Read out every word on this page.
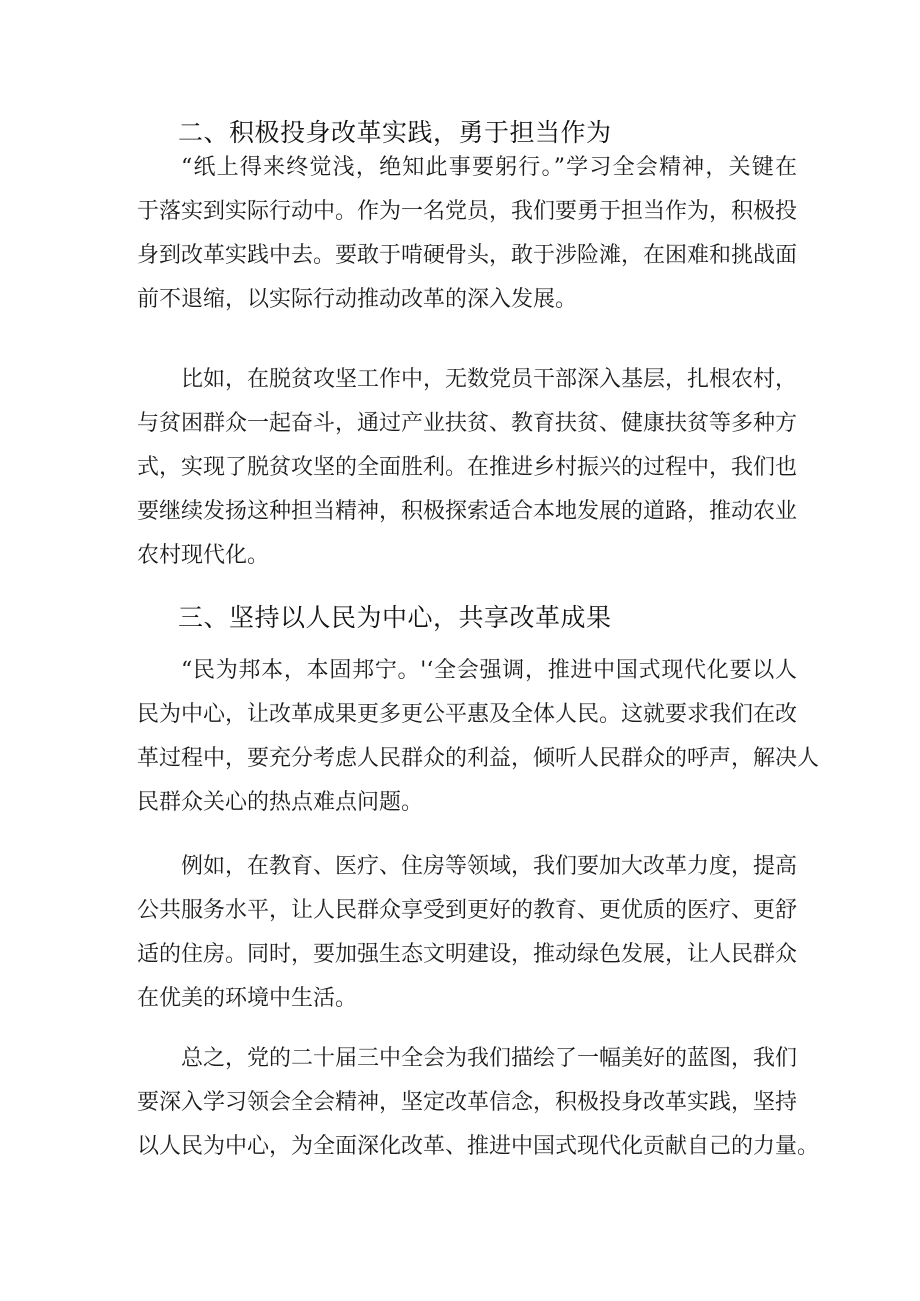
二、积极投身改革实践，勇于担当作为
“纸上得来终觉浅，绝知此事要躬行。”学习全会精神，关键在
于落实到实际行动中。作为一名党员，我们要勇于担当作为，积极投
身到改革实践中去。要敢于啃硬骨头，敢于涉险滩，在困难和挑战面
前不退缩，以实际行动推动改革的深入发展。
比如，在脱贫攻坚工作中，无数党员干部深入基层，扎根农村，
与贫困群众一起奋斗，通过产业扶贫、教育扶贫、健康扶贫等多种方
式，实现了脱贫攻坚的全面胜利。在推进乡村振兴的过程中，我们也
要继续发扬这种担当精神，积极探索适合本地发展的道路，推动农业
农村现代化。
三、坚持以人民为中心，共享改革成果
“民为邦本，本固邦宁。'‘全会强调，推进中国式现代化要以人
民为中心，让改革成果更多更公平惠及全体人民。这就要求我们在改
革过程中，要充分考虑人民群众的利益，倾听人民群众的呼声，解决人
民群众关心的热点难点问题。
例如，在教育、医疗、住房等领域，我们要加大改革力度，提高
公共服务水平，让人民群众享受到更好的教育、更优质的医疗、更舒
适的住房。同时，要加强生态文明建设，推动绿色发展，让人民群众
在优美的环境中生活。
总之，党的二十届三中全会为我们描绘了一幅美好的蓝图，我们
要深入学习领会全会精神，坚定改革信念，积极投身改革实践，坚持
以人民为中心，为全面深化改革、推进中国式现代化贡献自己的力量。
